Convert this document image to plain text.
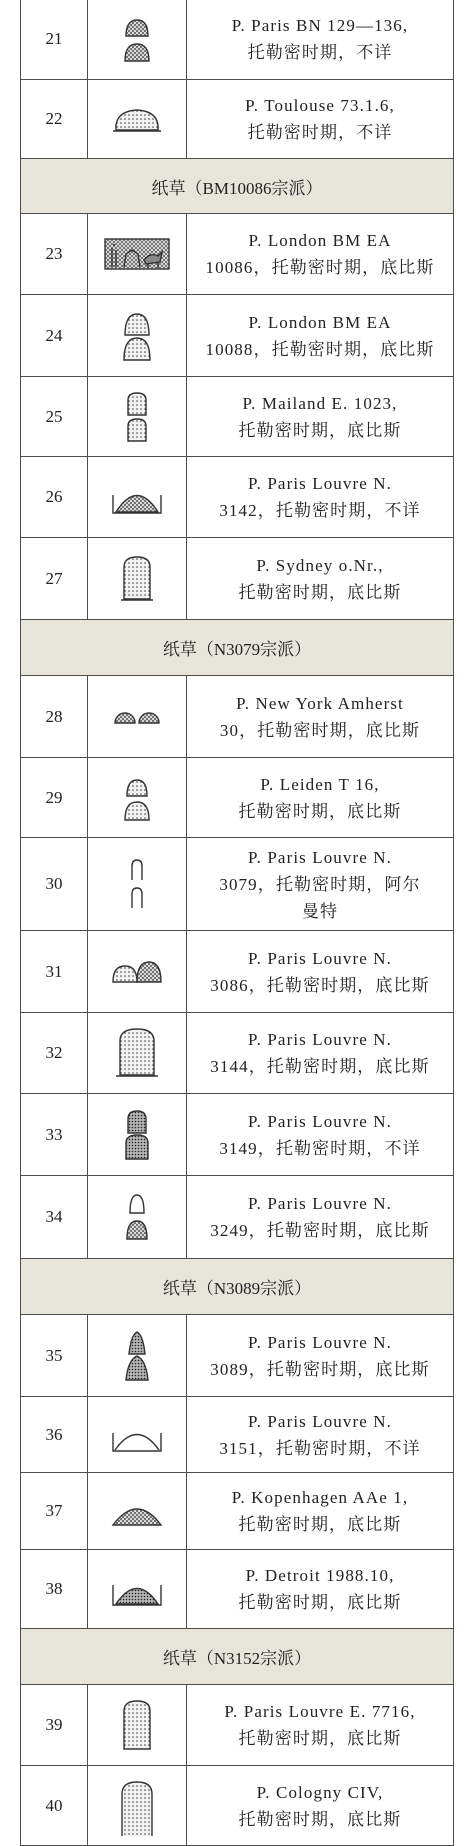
21		P. Paris BN 129—136,
托勒密时期，不详

22		P. Toulouse 73.1.6,
托勒密时期，不详

纸草（BM10086宗派）		
23		P. London BM EA
10086，托勒密时期，底比斯

24		P. London BM EA
10088，托勒密时期，底比斯

25		P. Mailand E. 1023,
托勒密时期，底比斯

26		P. Paris Louvre N.
3142，托勒密时期，不详

27		P. Sydney o.Nr.,
托勒密时期，底比斯

纸草（N3079宗派）		
28		P. New York Amherst
30，托勒密时期，底比斯

29		P. Leiden T 16,
托勒密时期，底比斯

30		P. Paris Louvre N.
3079，托勒密时期，阿尔
曼特

31		P. Paris Louvre N.
3086，托勒密时期，底比斯

32		P. Paris Louvre N.
3144，托勒密时期，底比斯

33		P. Paris Louvre N.
3149，托勒密时期，不详

34		P. Paris Louvre N.
3249，托勒密时期，底比斯

纸草（N3089宗派）		
35		P. Paris Louvre N.
3089，托勒密时期，底比斯

36		P. Paris Louvre N.
3151，托勒密时期，不详

37		P. Kopenhagen AAe 1,
托勒密时期，底比斯

38		P. Detroit 1988.10,
托勒密时期，底比斯

纸草（N3152宗派）		
39		P. Paris Louvre E. 7716,
托勒密时期，底比斯

40		P. Cologny CIV,
托勒密时期，底比斯
